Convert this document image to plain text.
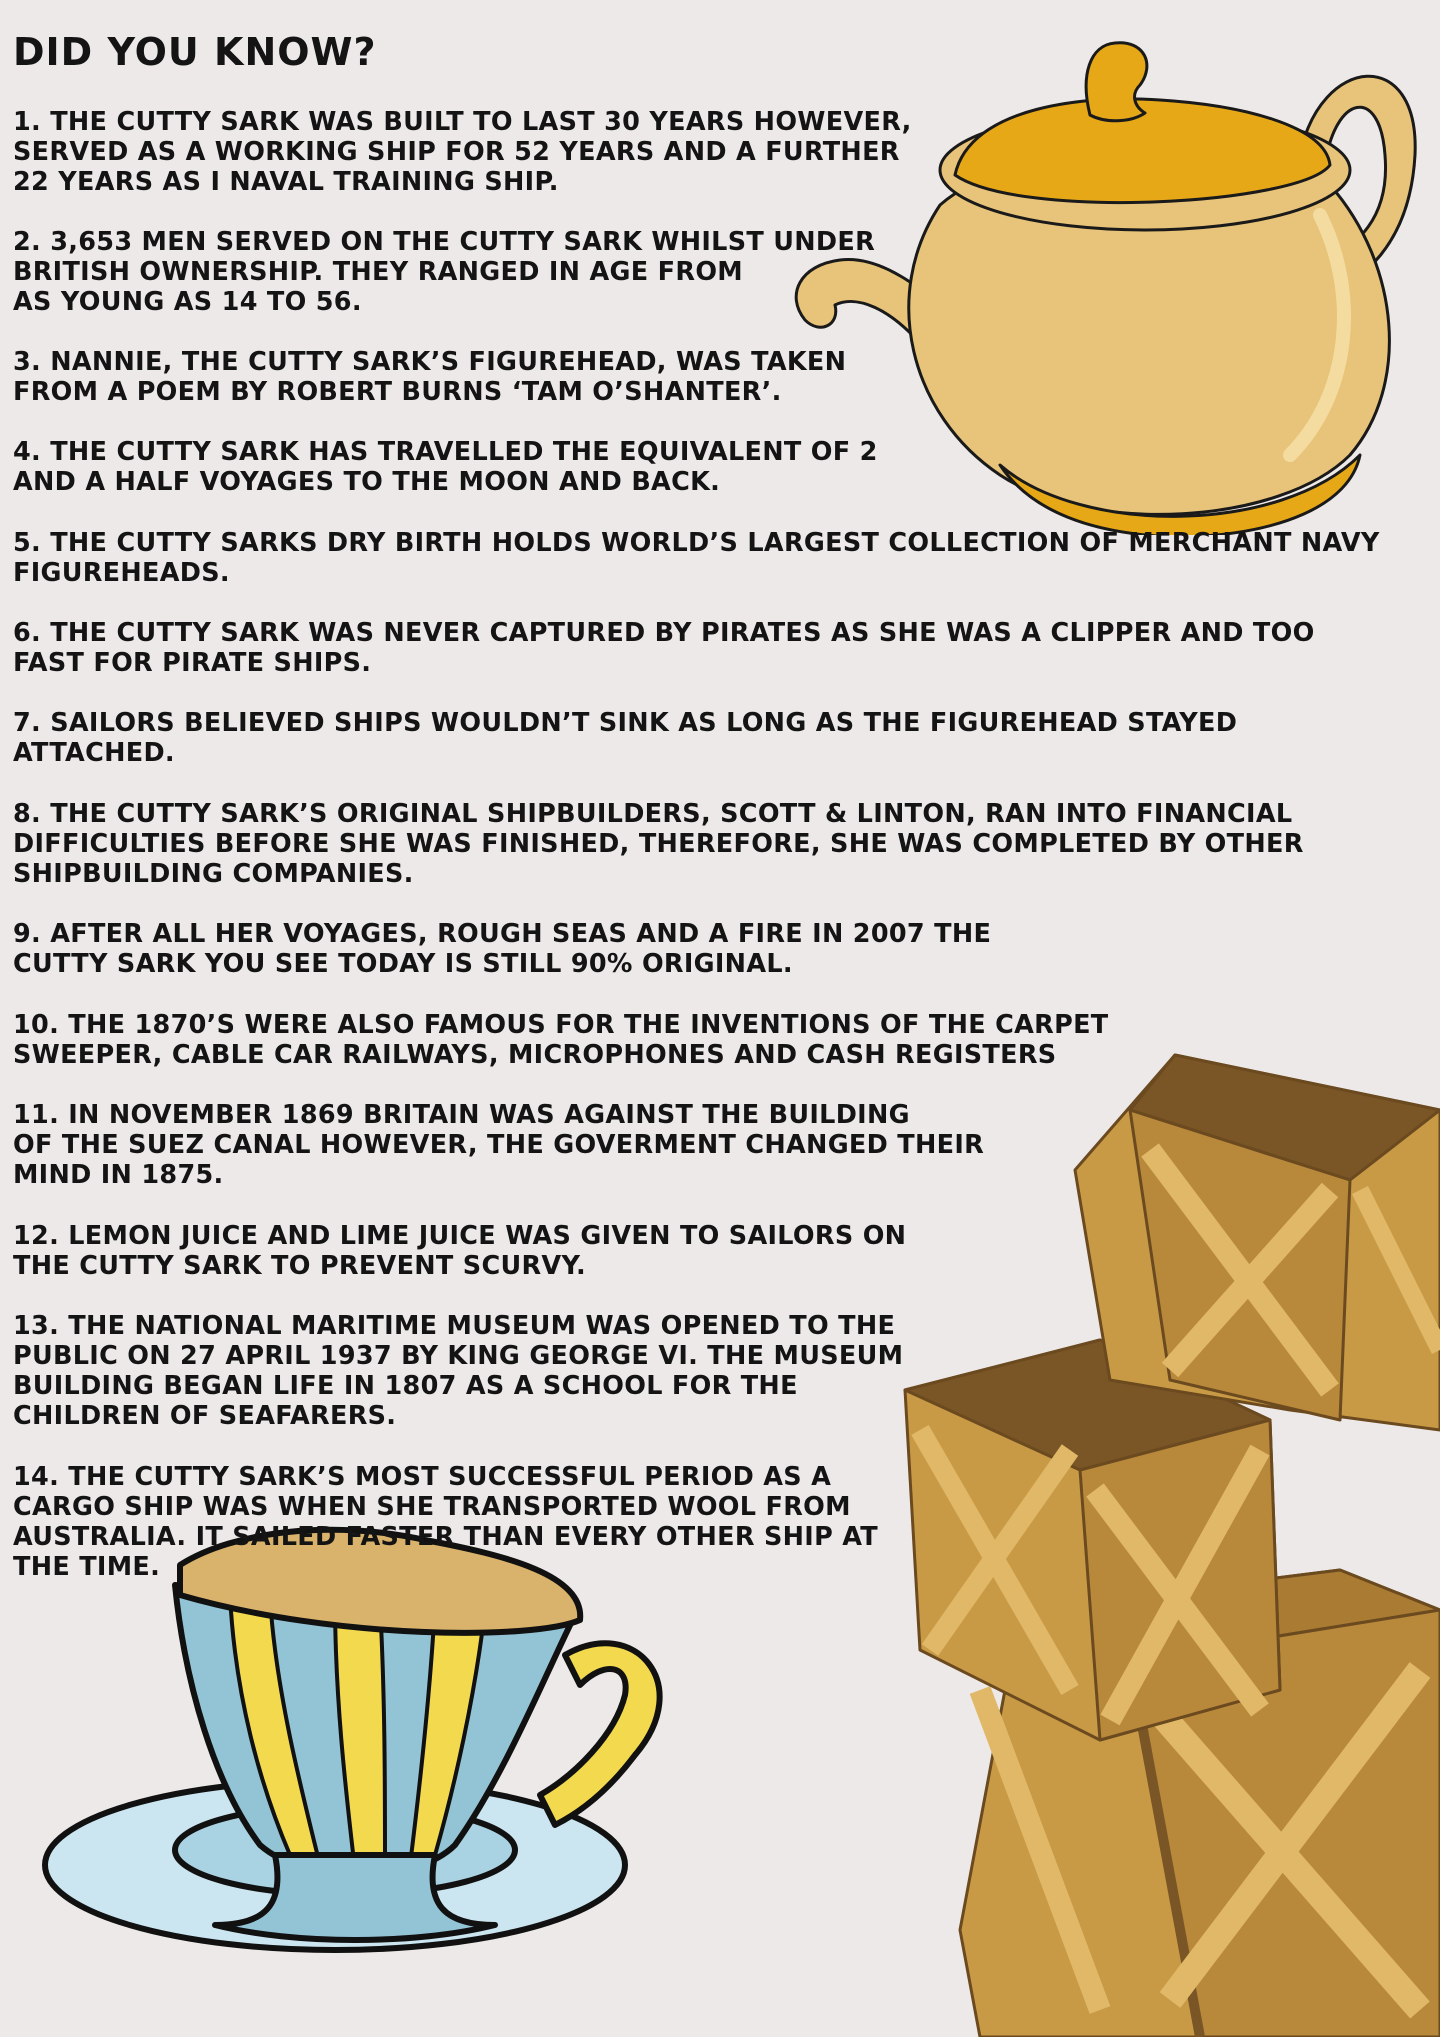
DID YOU KNOW?
1. THE CUTTY SARK WAS BUILT TO LAST 30 YEARS HOWEVER,
SERVED AS A WORKING SHIP FOR 52 YEARS AND A FURTHER
22 YEARS AS I NAVAL TRAINING SHIP.
2. 3,653 MEN SERVED ON THE CUTTY SARK WHILST UNDER
BRITISH OWNERSHIP. THEY RANGED IN AGE FROM
AS YOUNG AS 14 TO 56.
3. NANNIE, THE CUTTY SARK’S FIGUREHEAD, WAS TAKEN
FROM A POEM BY ROBERT BURNS ‘TAM O’SHANTER’.
4. THE CUTTY SARK HAS TRAVELLED THE EQUIVALENT OF 2
AND A HALF VOYAGES TO THE MOON AND BACK.
5. THE CUTTY SARKS DRY BIRTH HOLDS WORLD’S LARGEST COLLECTION OF MERCHANT NAVY
FIGUREHEADS.
6. THE CUTTY SARK WAS NEVER CAPTURED BY PIRATES AS SHE WAS A CLIPPER AND TOO
FAST FOR PIRATE SHIPS.
7. SAILORS BELIEVED SHIPS WOULDN’T SINK AS LONG AS THE FIGUREHEAD STAYED
ATTACHED.
8. THE CUTTY SARK’S ORIGINAL SHIPBUILDERS, SCOTT & LINTON, RAN INTO FINANCIAL
DIFFICULTIES BEFORE SHE WAS FINISHED, THEREFORE, SHE WAS COMPLETED BY OTHER
SHIPBUILDING COMPANIES.
9. AFTER ALL HER VOYAGES, ROUGH SEAS AND A FIRE IN 2007 THE
CUTTY SARK YOU SEE TODAY IS STILL 90% ORIGINAL.
10. THE 1870’S WERE ALSO FAMOUS FOR THE INVENTIONS OF THE CARPET
SWEEPER, CABLE CAR RAILWAYS, MICROPHONES AND CASH REGISTERS
11. IN NOVEMBER 1869 BRITAIN WAS AGAINST THE BUILDING
OF THE SUEZ CANAL HOWEVER, THE GOVERMENT CHANGED THEIR
MIND IN 1875.
12. LEMON JUICE AND LIME JUICE WAS GIVEN TO SAILORS ON
THE CUTTY SARK TO PREVENT SCURVY.
13. THE NATIONAL MARITIME MUSEUM WAS OPENED TO THE
PUBLIC ON 27 APRIL 1937 BY KING GEORGE VI. THE MUSEUM
BUILDING BEGAN LIFE IN 1807 AS A SCHOOL FOR THE
CHILDREN OF SEAFARERS.
14. THE CUTTY SARK’S MOST SUCCESSFUL PERIOD AS A
CARGO SHIP WAS WHEN SHE TRANSPORTED WOOL FROM
AUSTRALIA. IT SAILED FASTER THAN EVERY OTHER SHIP AT
THE TIME.
